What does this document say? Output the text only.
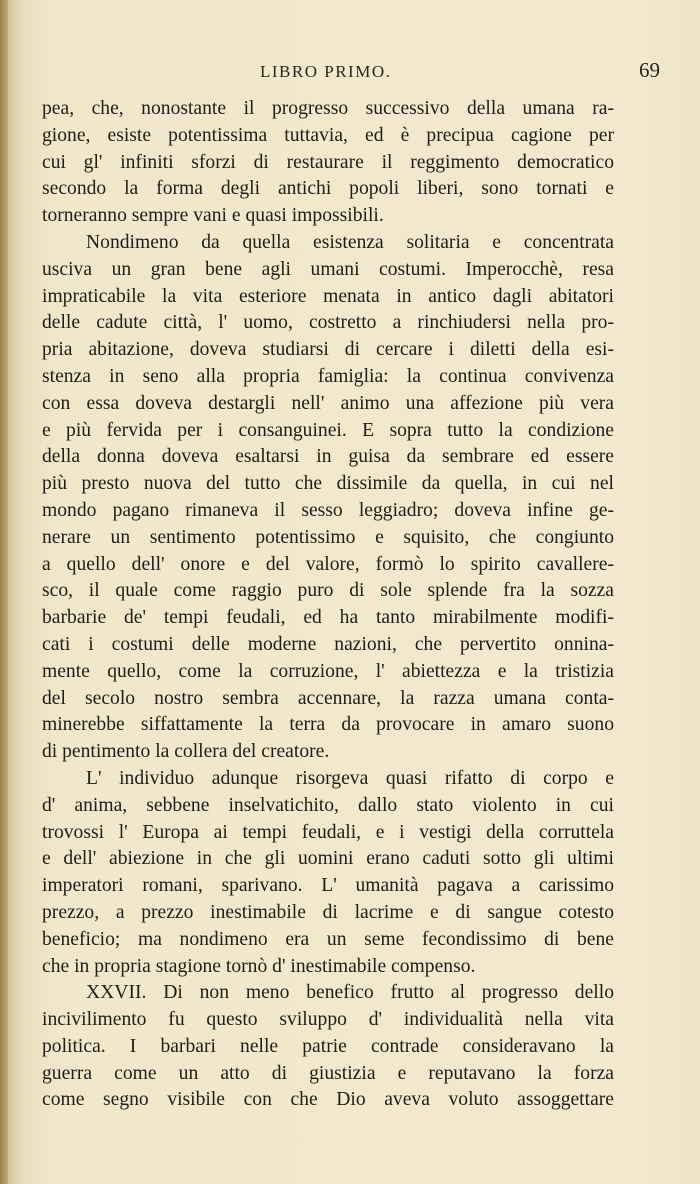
LIBRO PRIMO.	69
pea, che, nonostante il progresso successivo della umana ra-
gione, esiste potentissima tuttavia, ed è precipua cagione per
cui gl' infiniti sforzi di restaurare il reggimento democratico
secondo la forma degli antichi popoli liberi, sono tornati e
torneranno sempre vani e quasi impossibili.
Nondimeno da quella esistenza solitaria e concentrata
usciva un gran bene agli umani costumi. Imperocchè, resa
impraticabile la vita esteriore menata in antico dagli abitatori
delle cadute città, l' uomo, costretto a rinchiudersi nella pro-
pria abitazione, doveva studiarsi di cercare i diletti della esi-
stenza in seno alla propria famiglia: la continua convivenza
con essa doveva destargli nell' animo una affezione più vera
e più fervida per i consanguinei. E sopra tutto la condizione
della donna doveva esaltarsi in guisa da sembrare ed essere
più presto nuova del tutto che dissimile da quella, in cui nel
mondo pagano rimaneva il sesso leggiadro; doveva infine ge-
nerare un sentimento potentissimo e squisito, che congiunto
a quello dell' onore e del valore, formò lo spirito cavallere-
sco, il quale come raggio puro di sole splende fra la sozza
barbarie de' tempi feudali, ed ha tanto mirabilmente modifi-
cati i costumi delle moderne nazioni, che pervertito onnina-
mente quello, come la corruzione, l' abiettezza e la tristizia
del secolo nostro sembra accennare, la razza umana conta-
minerebbe siffattamente la terra da provocare in amaro suono
di pentimento la collera del creatore.
L' individuo adunque risorgeva quasi rifatto di corpo e
d' anima, sebbene inselvatichito, dallo stato violento in cui
trovossi l' Europa ai tempi feudali, e i vestigi della corruttela
e dell' abiezione in che gli uomini erano caduti sotto gli ultimi
imperatori romani, sparivano. L' umanità pagava a carissimo
prezzo, a prezzo inestimabile di lacrime e di sangue cotesto
beneficio; ma nondimeno era un seme fecondissimo di bene
che in propria stagione tornò d' inestimabile compenso.
XXVII. Di non meno benefico frutto al progresso dello
incivilimento fu questo sviluppo d' individualità nella vita
politica. I barbari nelle patrie contrade consideravano la
guerra come un atto di giustizia e reputavano la forza
come segno visibile con che Dio aveva voluto assoggettare
